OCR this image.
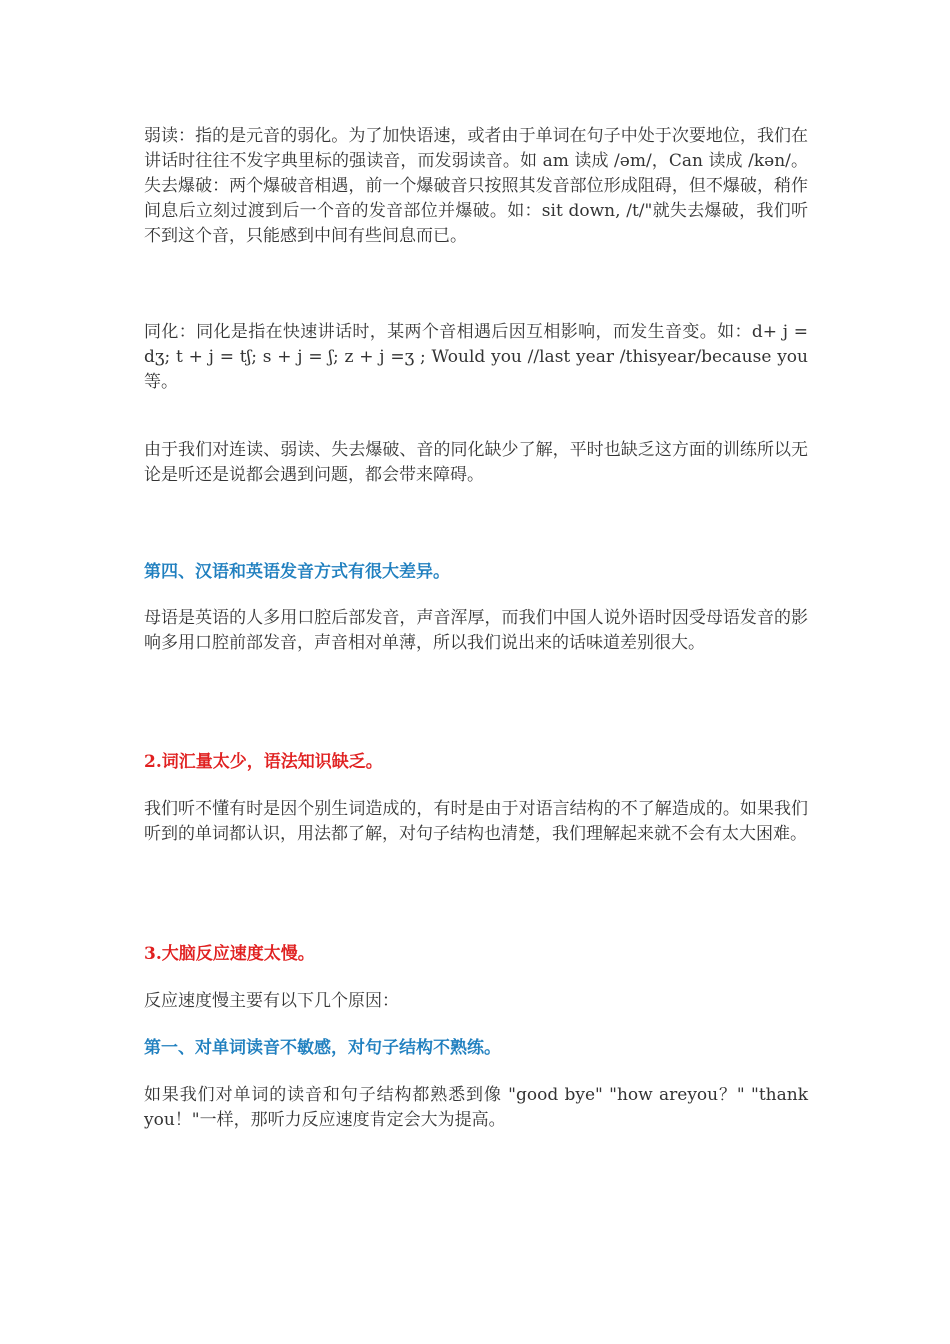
弱读：指的是元音的弱化。为了加快语速，或者由于单词在句子中处于次要地位，我们在讲话时往往不发字典里标的强读音，而发弱读音。如 am 读成 /əm/，Can 读成 /kən/。失去爆破：两个爆破音相遇，前一个爆破音只按照其发音部位形成阻碍，但不爆破，稍作间息后立刻过渡到后一个音的发音部位并爆破。如：sit down, /t/"就失去爆破，我们听不到这个音，只能感到中间有些间息而已。

同化：同化是指在快速讲话时，某两个音相遇后因互相影响，而发生音变。如：d+ j = dʒ; t + j = tʃ; s + j = ʃ; z + j =ʒ ; Would you //last year /thisyear/because you 等。

由于我们对连读、弱读、失去爆破、音的同化缺少了解，平时也缺乏这方面的训练所以无论是听还是说都会遇到问题，都会带来障碍。

第四、汉语和英语发音方式有很大差异。

母语是英语的人多用口腔后部发音，声音浑厚，而我们中国人说外语时因受母语发音的影响多用口腔前部发音，声音相对单薄，所以我们说出来的话味道差别很大。

2.词汇量太少，语法知识缺乏。

我们听不懂有时是因个别生词造成的，有时是由于对语言结构的不了解造成的。如果我们听到的单词都认识，用法都了解，对句子结构也清楚，我们理解起来就不会有太大困难。

3.大脑反应速度太慢。

反应速度慢主要有以下几个原因：

第一、对单词读音不敏感，对句子结构不熟练。

如果我们对单词的读音和句子结构都熟悉到像 "good bye" "how areyou？" "thank you！"一样，那听力反应速度肯定会大为提高。
